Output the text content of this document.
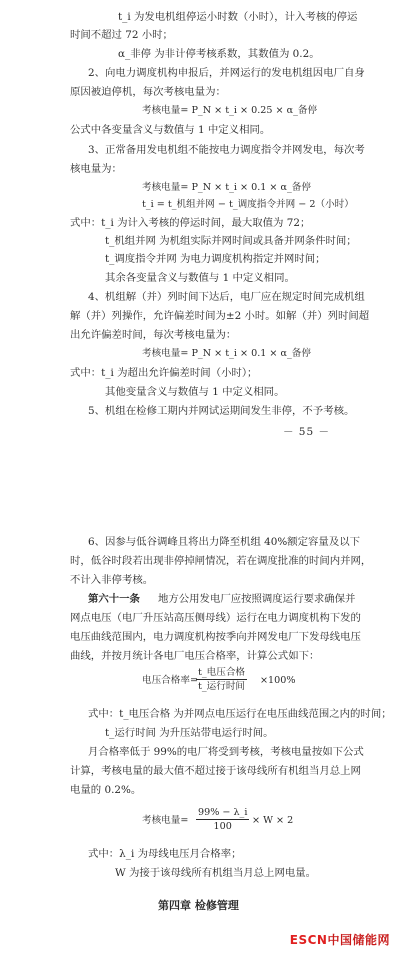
t_i 为发电机组停运小时数（小时），计入考核的停运
时间不超过 72 小时；
α_非停 为非计停考核系数，其数值为 0.2。
2、向电力调度机构申报后，并网运行的发电机组因电厂自身
原因被迫停机，每次考核电量为：
考核电量= P_N × t_i × 0.25 × α_备停
公式中各变量含义与数值与 1 中定义相同。
3、正常备用发电机组不能按电力调度指令并网发电，每次考
核电量为：
考核电量= P_N × t_i × 0.1 × α_备停
t_i = t_机组并网 − t_调度指令并网 − 2（小时）
式中：t_i 为计入考核的停运时间，最大取值为 72；
t_机组并网 为机组实际并网时间或具备并网条件时间；
t_调度指令并网 为电力调度机构指定并网时间；
其余各变量含义与数值与 1 中定义相同。
4、机组解（并）列时间下达后，电厂应在规定时间完成机组
解（并）列操作，允许偏差时间为±2 小时。如解（并）列时间超
出允许偏差时间，每次考核电量为：
考核电量= P_N × t_i × 0.1 × α_备停
式中：t_i 为超出允许偏差时间（小时）；
其他变量含义与数值与 1 中定义相同。
5、机组在检修工期内并网试运期间发生非停，不予考核。
－ 55 －
6、因参与低谷调峰且将出力降至机组 40%额定容量及以下
时，低谷时段若出现非停掉闸情况，若在调度批准的时间内并网，
不计入非停考核。
第六十一条 地方公用发电厂应按照调度运行要求确保并
网点电压（电厂升压站高压侧母线）运行在电力调度机构下发的
电压曲线范围内，电力调度机构按季向并网发电厂下发母线电压
曲线，并按月统计各电厂电压合格率，计算公式如下：
电压合格率=
t_电压合格
t_运行时间
×100%
式中：t_电压合格 为并网点电压运行在电压曲线范围之内的时间；
t_运行时间 为升压站带电运行时间。
月合格率低于 99%的电厂将受到考核，考核电量按如下公式
计算，考核电量的最大值不超过接于该母线所有机组当月总上网
电量的 0.2%。
考核电量= $\frac{99\% - \lambda\_i}{100} \times W \times 2$
式中：λ_i 为母线电压月合格率；
W 为接于该母线所有机组当月总上网电量。
第四章 检修管理
ESCN中国储能网
